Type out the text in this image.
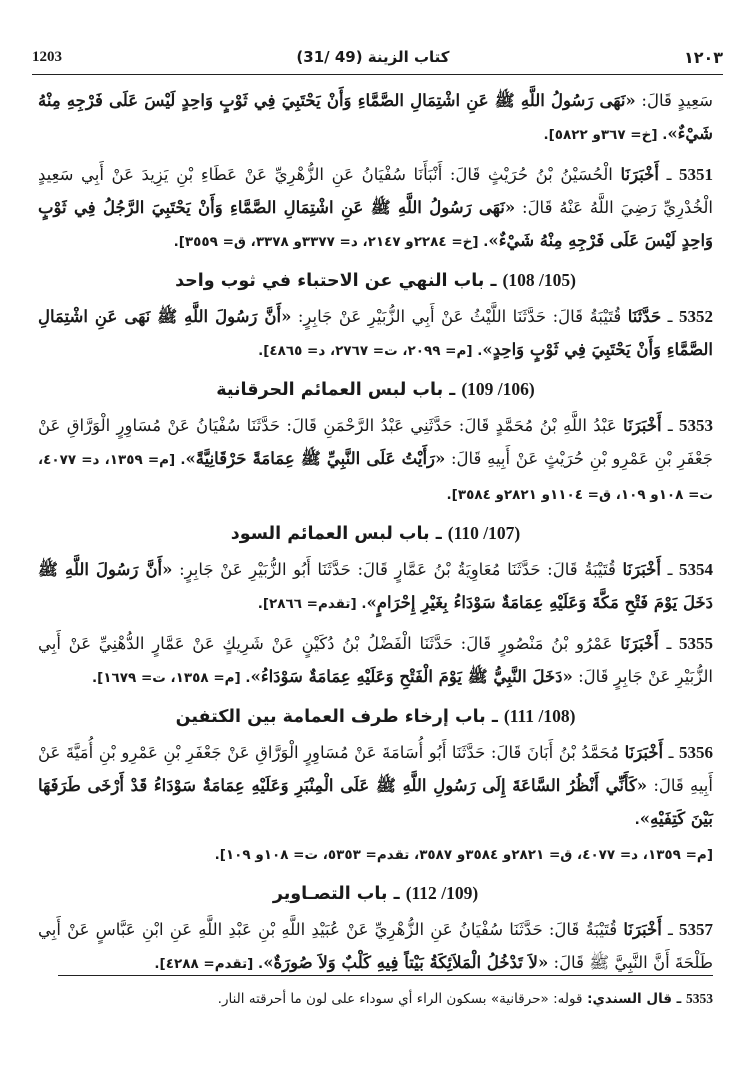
1203	(31/ 49) كتاب الزينة	١٢٠٣

سَعِيدٍ قَالَ: «نَهَى رَسُولُ اللَّهِ ﷺ عَنِ اشْتِمَالِ الصَّمَّاءِ وَأَنْ يَحْتَبِيَ فِي ثَوْبٍ وَاحِدٍ لَيْسَ عَلَى فَرْجِهِ مِنْهُ شَيْءٌ». [خ= ٣٦٧و ٥٨٢٢].

5351 ـ أَخْبَرَنَا الْحُسَيْنُ بْنُ حُرَيْثٍ قَالَ: أَنْبَأَنَا سُفْيَانُ عَنِ الزُّهْرِيِّ عَنْ عَطَاءِ بْنِ يَزِيدَ عَنْ أَبِي سَعِيدٍ الْخُدْرِيِّ رَضِيَ اللَّهُ عَنْهُ قَالَ: «نَهَى رَسُولُ اللَّهِ ﷺ عَنِ اشْتِمَالِ الصَّمَّاءِ وَأَنْ يَحْتَبِيَ الرَّجُلُ فِي ثَوْبٍ وَاحِدٍ لَيْسَ عَلَى فَرْجِهِ مِنْهُ شَيْءٌ». [خ= ٢٢٨٤و ٢١٤٧، د= ٣٣٧٧و ٣٣٧٨، ق= ٣٥٥٩].

(105/ 108) ـ باب النهي عن الاحتباء في ثوب واحد

5352 ـ حَدَّثَنَا قُتَيْبَةُ قَالَ: حَدَّثَنَا اللَّيْثُ عَنْ أَبِي الزُّبَيْرِ عَنْ جَابِرٍ: «أَنَّ رَسُولَ اللَّهِ ﷺ نَهَى عَنِ اشْتِمَالِ الصَّمَّاءِ وَأَنْ يَحْتَبِيَ فِي ثَوْبٍ وَاحِدٍ». [م= ٢٠٩٩، ت= ٢٧٦٧، د= ٤٨٦٥].

(106/ 109) ـ باب لبس العمائم الحرقانية

5353 ـ أَخْبَرَنَا عَبْدُ اللَّهِ بْنُ مُحَمَّدٍ قَالَ: حَدَّثَنِي عَبْدُ الرَّحْمَنِ قَالَ: حَدَّثَنَا سُفْيَانُ عَنْ مُسَاوِرٍ الْوَرَّاقِ عَنْ جَعْفَرِ بْنِ عَمْرِو بْنِ حُرَيْثٍ عَنْ أَبِيهِ قَالَ: «رَأَيْتُ عَلَى النَّبِيِّ ﷺ عِمَامَةً حَرْقَانِيَّةً». [م= ١٣٥٩، د= ٤٠٧٧، ت= ١٠٨و ١٠٩، ق= ١١٠٤و ٢٨٢١و ٣٥٨٤].

(107/ 110) ـ باب لبس العمائم السود

5354 ـ أَخْبَرَنَا قُتَيْبَةُ قَالَ: حَدَّثَنَا مُعَاوِيَةُ بْنُ عَمَّارٍ قَالَ: حَدَّثَنَا أَبُو الزُّبَيْرِ عَنْ جَابِرٍ: «أَنَّ رَسُولَ اللَّهِ ﷺ دَخَلَ يَوْمَ فَتْحِ مَكَّةَ وَعَلَيْهِ عِمَامَةٌ سَوْدَاءُ بِغَيْرِ إِحْرَامٍ». [تقدم= ٢٨٦٦].

5355 ـ أَخْبَرَنَا عَمْرُو بْنُ مَنْصُورٍ قَالَ: حَدَّثَنَا الْفَضْلُ بْنُ دُكَيْنٍ عَنْ شَرِيكٍ عَنْ عَمَّارٍ الدُّهْنِيِّ عَنْ أَبِي الزُّبَيْرِ عَنْ جَابِرٍ قَالَ: «دَخَلَ النَّبِيُّ ﷺ يَوْمَ الْفَتْحِ وَعَلَيْهِ عِمَامَةٌ سَوْدَاءُ». [م= ١٣٥٨، ت= ١٦٧٩].

(108/ 111) ـ باب إرخاء طرف العمامة بين الكتفين

5356 ـ أَخْبَرَنَا مُحَمَّدُ بْنُ أَبَانَ قَالَ: حَدَّثَنَا أَبُو أُسَامَةَ عَنْ مُسَاوِرٍ الْوَرَّاقِ عَنْ جَعْفَرِ بْنِ عَمْرِو بْنِ أُمَيَّةَ عَنْ أَبِيهِ قَالَ: «كَأَنِّي أَنْظُرُ السَّاعَةَ إِلَى رَسُولِ اللَّهِ ﷺ عَلَى الْمِنْبَرِ وَعَلَيْهِ عِمَامَةٌ سَوْدَاءُ قَدْ أَرْخَى طَرَفَهَا بَيْنَ كَتِفَيْهِ».
[م= ١٣٥٩، د= ٤٠٧٧، ق= ٢٨٢١و ٣٥٨٤و ٣٥٨٧، تقدم= ٥٣٥٣، ت= ١٠٨و ١٠٩].

(109/ 112) ـ باب التصـاوير

5357 ـ أَخْبَرَنَا قُتَيْبَةُ قَالَ: حَدَّثَنَا سُفْيَانُ عَنِ الزُّهْرِيِّ عَنْ عُبَيْدِ اللَّهِ بْنِ عَبْدِ اللَّهِ عَنِ ابْنِ عَبَّاسٍ عَنْ أَبِي طَلْحَةَ أَنَّ النَّبِيَّ ﷺ قَالَ: «لاَ تَدْخُلُ الْمَلاَئِكَةُ بَيْتاً فِيهِ كَلْبٌ وَلاَ صُورَةٌ». [تقدم= ٤٢٨٨].

5353 ـ قال السندي: قوله: «حرقانية» بسكون الراء أي سوداء على لون ما أحرقته النار.
